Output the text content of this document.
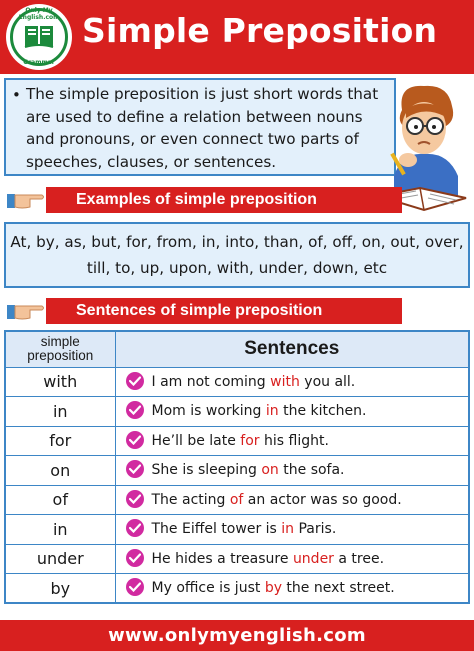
Only My English.com
Grammar
Simple Preposition
• The simple preposition is just short words that are used to define a relation between nouns and pronouns, or even connect two parts of speeches, clauses, or sentences.
Examples of simple preposition
At, by, as, but, for, from, in, into, than, of, off, on, out, over, till, to, up, upon, with, under, down, etc
Sentences of simple preposition
simple preposition	Sentences
with	I am not coming with you all.
in	Mom is working in the kitchen.
for	He’ll be late for his flight.
on	She is sleeping on the sofa.
of	The acting of an actor was so good.
in	The Eiffel tower is in Paris.
under	He hides a treasure under a tree.
by	My office is just by the next street.
www.onlymyenglish.com
